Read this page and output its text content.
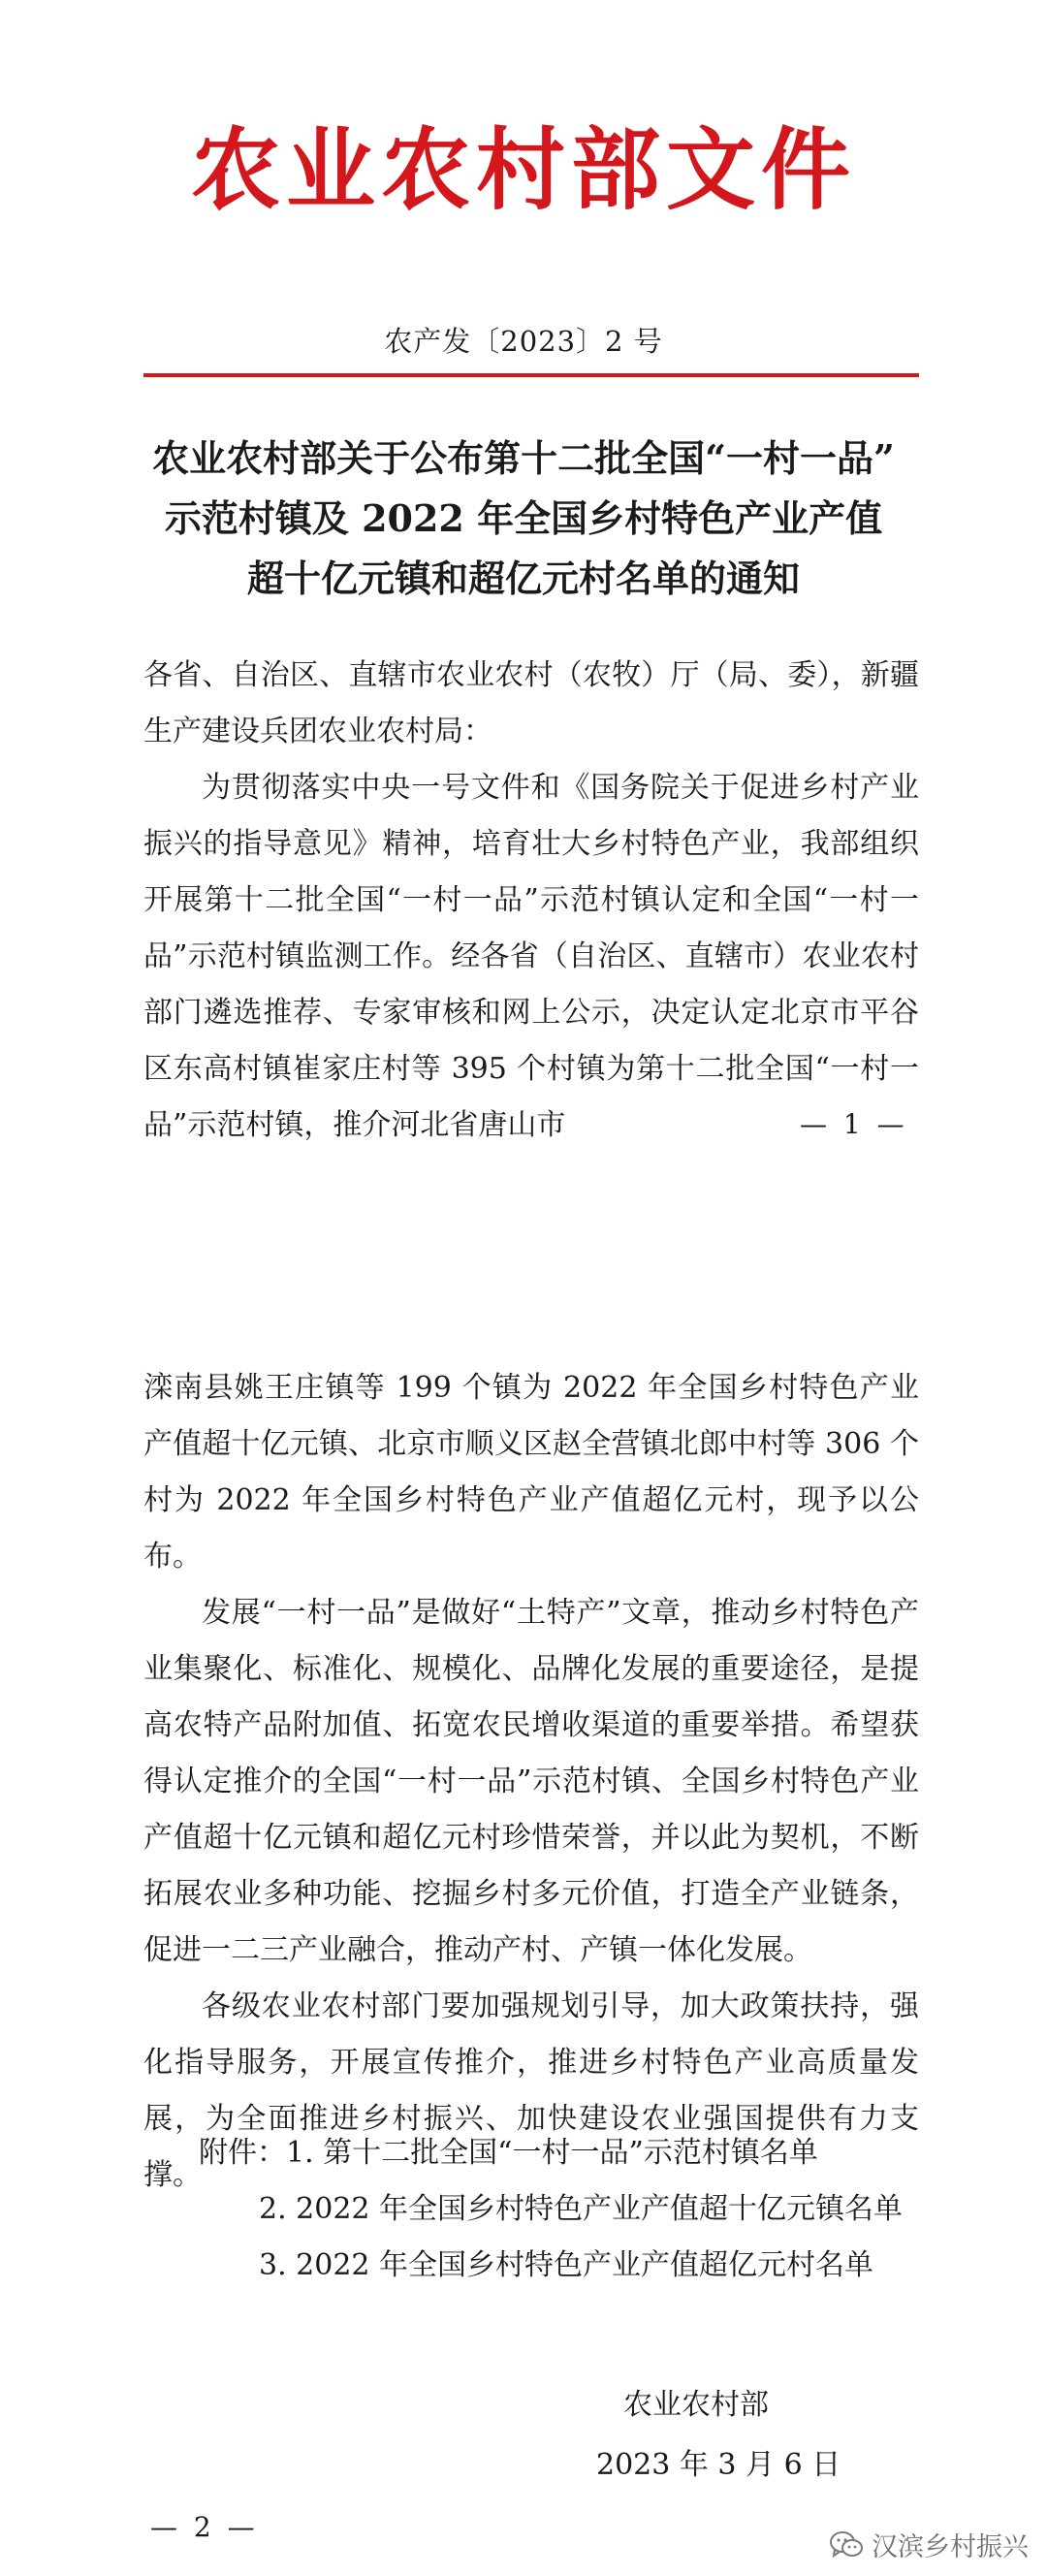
农业农村部文件
农产发〔2023〕2 号
农业农村部关于公布第十二批全国“一村一品”
示范村镇及 2022 年全国乡村特色产业产值
超十亿元镇和超亿元村名单的通知

各省、自治区、直辖市农业农村（农牧）厅（局、委），新疆生产建设兵团农业农村局：

为贯彻落实中央一号文件和《国务院关于促进乡村产业振兴的指导意见》精神，培育壮大乡村特色产业，我部组织开展第十二批全国“一村一品”示范村镇认定和全国“一村一品”示范村镇监测工作。经各省（自治区、直辖市）农业农村部门遴选推荐、专家审核和网上公示，决定认定北京市平谷区东高村镇崔家庄村等 395 个村镇为第十二批全国“一村一品”示范村镇，推介河北省唐山市	— 1 —

滦南县姚王庄镇等 199 个镇为 2022 年全国乡村特色产业产值超十亿元镇、北京市顺义区赵全营镇北郎中村等 306 个村为 2022 年全国乡村特色产业产值超亿元村，现予以公布。

发展“一村一品”是做好“土特产”文章，推动乡村特色产业集聚化、标准化、规模化、品牌化发展的重要途径，是提高农特产品附加值、拓宽农民增收渠道的重要举措。希望获得认定推介的全国“一村一品”示范村镇、全国乡村特色产业产值超十亿元镇和超亿元村珍惜荣誉，并以此为契机，不断拓展农业多种功能、挖掘乡村多元价值，打造全产业链条，促进一二三产业融合，推动产村、产镇一体化发展。

各级农业农村部门要加强规划引导，加大政策扶持，强化指导服务，开展宣传推介，推进乡村特色产业高质量发展，为全面推进乡村振兴、加快建设农业强国提供有力支撑。

附件：1. 第十二批全国“一村一品”示范村镇名单
2. 2022 年全国乡村特色产业产值超十亿元镇名单
3. 2022 年全国乡村特色产业产值超亿元村名单
农业农村部
2023 年 3 月 6 日
— 2 —
汉滨乡村振兴
